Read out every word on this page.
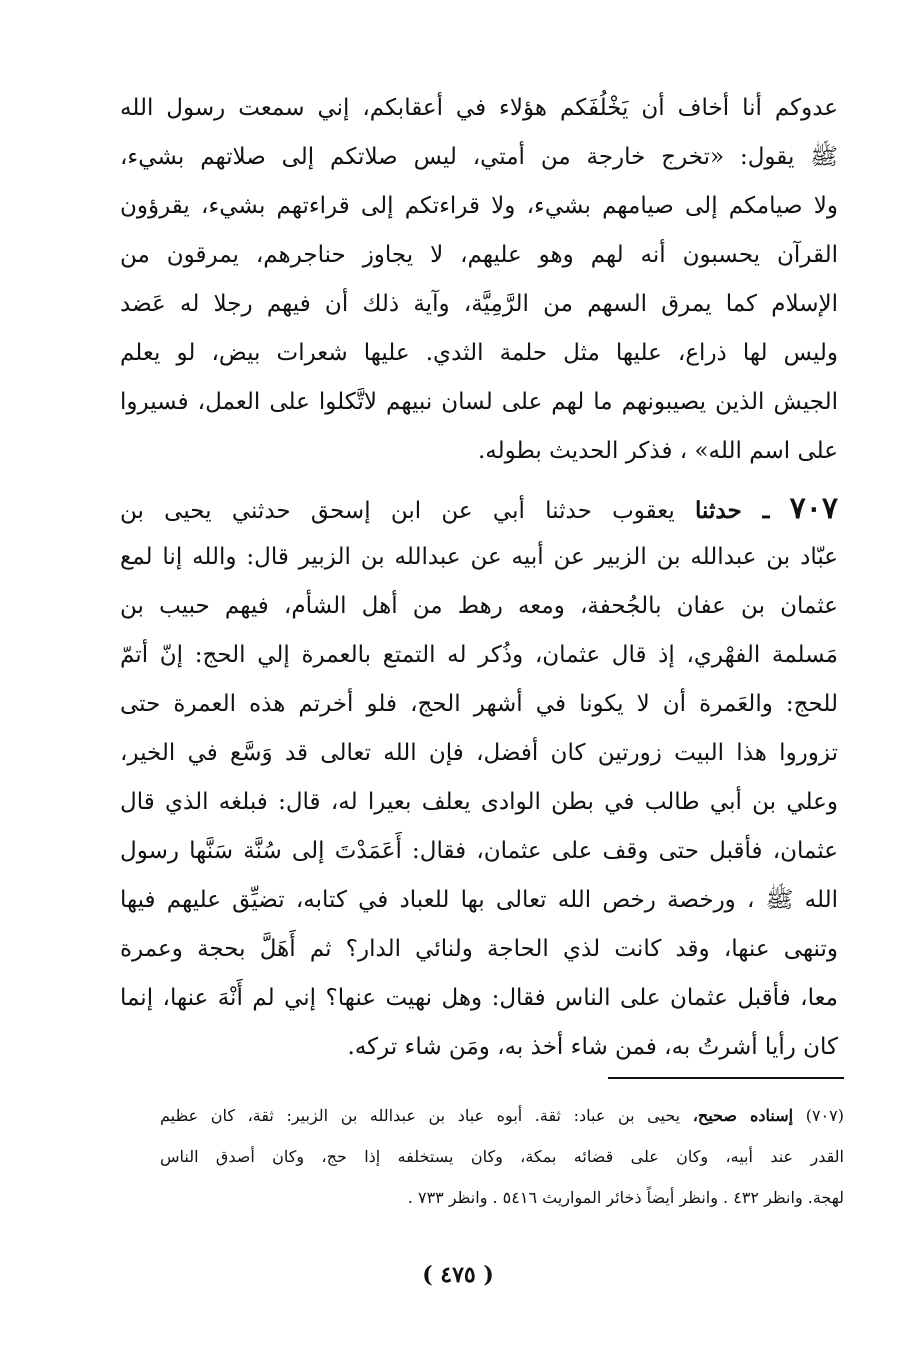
عدوكم أنا أخاف أن يَخْلُفَكم هؤلاء في أعقابكم، إني سمعت رسول الله
ﷺ يقول: «تخرج خارجة من أمتي، ليس صلاتكم إلى صلاتهم بشيء،
ولا صيامكم إلى صيامهم بشيء، ولا قراءتكم إلى قراءتهم بشيء، يقرؤون
القرآن يحسبون أنه لهم وهو عليهم، لا يجاوز حناجرهم، يمرقون من
الإسلام كما يمرق السهم من الرَّمِيَّة، وآية ذلك أن فيهم رجلا له عَضد
وليس لها ذراع، عليها مثل حلمة الثدي. عليها شعرات بيض، لو يعلم
الجيش الذين يصيبونهم ما لهم على لسان نبيهم لاتَّكلوا على العمل، فسيروا
على اسم الله» ، فذكر الحديث بطوله.
٧٠٧ ـ حدثنا يعقوب حدثنا أبي عن ابن إسحق حدثني يحيى بن
عبّاد بن عبدالله بن الزبير عن أبيه عن عبدالله بن الزبير قال: والله إنا لمع
عثمان بن عفان بالجُحفة، ومعه رهط من أهل الشأم، فيهم حبيب بن
مَسلمة الفهْري، إذ قال عثمان، وذُكر له التمتع بالعمرة إلي الحج: إنّ أتمّ
للحج: والعَمرة أن لا يكونا في أشهر الحج، فلو أخرتم هذه العمرة حتى
تزوروا هذا البيت زورتين كان أفضل، فإن الله تعالى قد وَسَّع في الخير،
وعلي بن أبي طالب في بطن الوادى يعلف بعيرا له، قال: فبلغه الذي قال
عثمان، فأقبل حتى وقف على عثمان، فقال: أَعَمَدْتَ إلى سُنَّة سَنَّها رسول
الله ﷺ ، ورخصة رخص الله تعالى بها للعباد في كتابه، تضيِّق عليهم فيها
وتنهى عنها، وقد كانت لذي الحاجة ولنائي الدار؟ ثم أَهَلَّ بحجة وعمرة
معا، فأقبل عثمان على الناس فقال: وهل نهيت عنها؟ إني لم أَنْهَ عنها، إنما
كان رأيا أشرتُ به، فمن شاء أخذ به، ومَن شاء تركه.
(٧٠٧) إسناده صحيح، يحيى بن عباد: ثقة. أبوه عباد بن عبدالله بن الزبير: ثقة، كان عظيم
القدر عند أبيه، وكان على قضائه بمكة، وكان يستخلفه إذا حج، وكان أصدق الناس
لهجة. وانظر ٤٣٢ . وانظر أيضاً ذخائر المواريث ٥٤١٦ . وانظر ٧٣٣ .
( ٤٧٥ )
